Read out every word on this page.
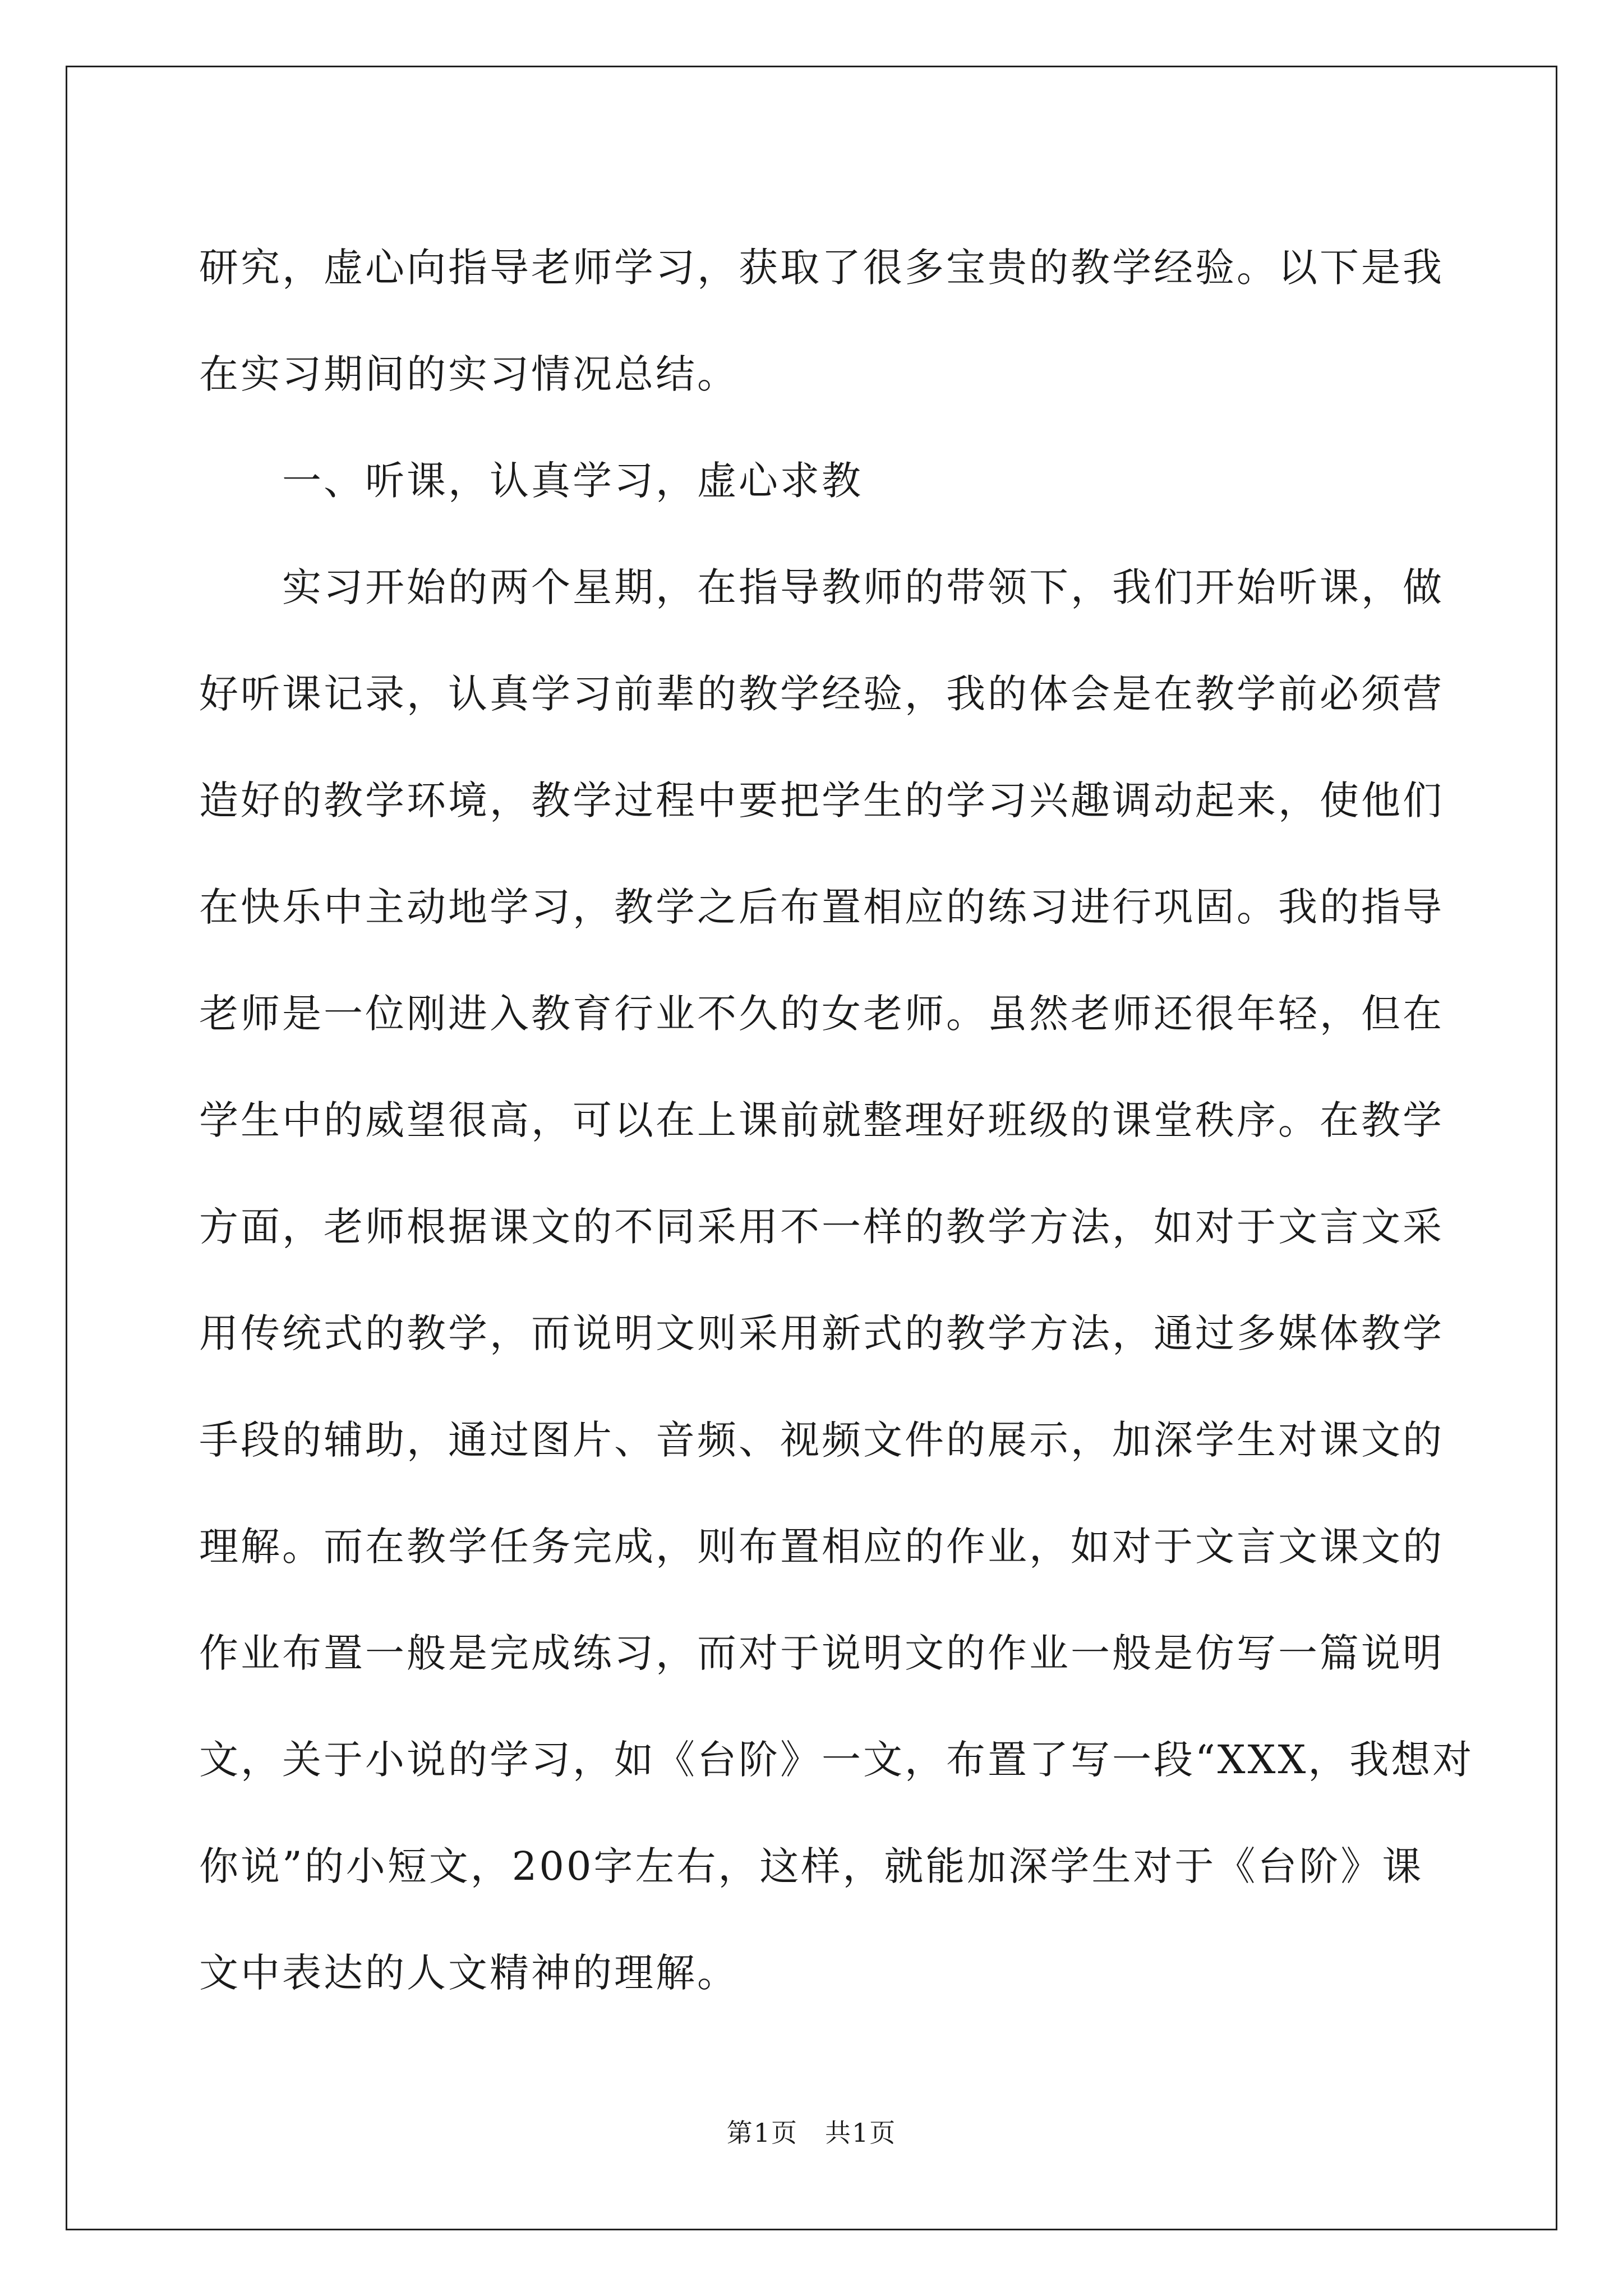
研究，虚心向指导老师学习，获取了很多宝贵的教学经验。以下是我
在实习期间的实习情况总结。
一、听课，认真学习，虚心求教
实习开始的两个星期，在指导教师的带领下，我们开始听课，做
好听课记录，认真学习前辈的教学经验，我的体会是在教学前必须营
造好的教学环境，教学过程中要把学生的学习兴趣调动起来，使他们
在快乐中主动地学习，教学之后布置相应的练习进行巩固。我的指导
老师是一位刚进入教育行业不久的女老师。虽然老师还很年轻，但在
学生中的威望很高，可以在上课前就整理好班级的课堂秩序。在教学
方面，老师根据课文的不同采用不一样的教学方法，如对于文言文采
用传统式的教学，而说明文则采用新式的教学方法，通过多媒体教学
手段的辅助，通过图片、音频、视频文件的展示，加深学生对课文的
理解。而在教学任务完成，则布置相应的作业，如对于文言文课文的
作业布置一般是完成练习，而对于说明文的作业一般是仿写一篇说明
文，关于小说的学习，如《台阶》一文，布置了写一段“XXX，我想对
你说”的小短文，200字左右，这样，就能加深学生对于《台阶》课
文中表达的人文精神的理解。
第1页　共1页
